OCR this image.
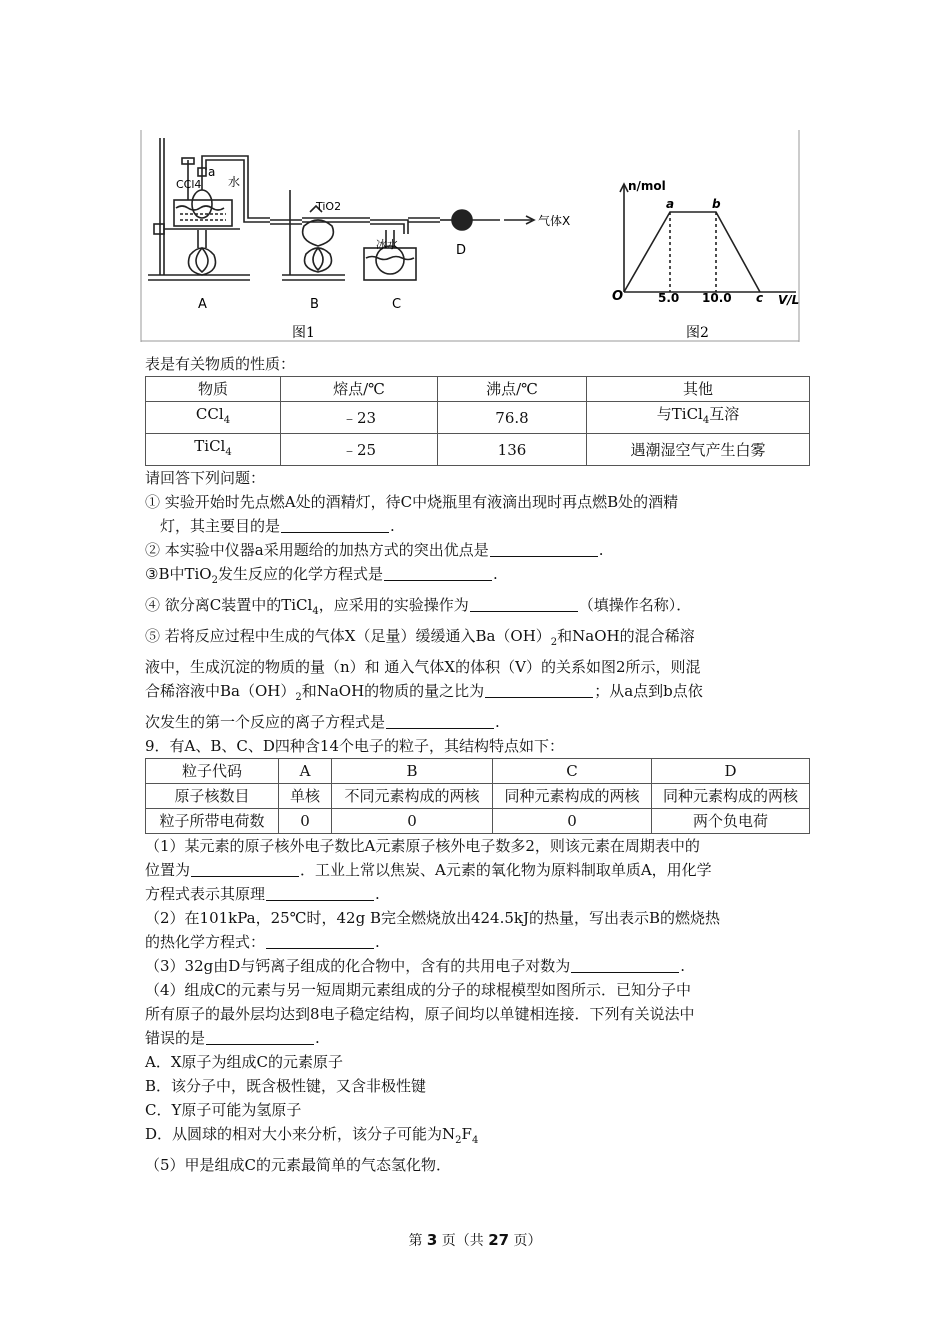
CCl4
a
水
A
TiO2
B
冰水
C
D
气体X
图1
n/mol
V/L
O	5.0 10.0
a	b
c
图2

表是有关物质的性质：

物质	熔点/℃	沸点/℃	其他
CCl$_4$	﹣23	76.8	与TiCl$_4$互溶
TiCl$_4$	﹣25	136	遇潮湿空气产生白雾

请回答下列问题：

① 实验开始时先点燃A处的酒精灯，待C中烧瓶里有液滴出现时再点燃B处的酒精
灯，其主要目的是	.

② 本实验中仪器a采用题给的加热方式的突出优点是	.

③B中TiO$_2$发生反应的化学方程式是	.

④ 欲分离C装置中的TiCl$_4$，应采用的实验操作为	（填操作名称）．

⑤ 若将反应过程中生成的气体X（足量）缓缓通入$Ba(OH)_2$和NaOH的混合稀溶
液中，生成沉淀的物质的量（n）和 通入气体X的体积（V）的关系如图2所示，则混
合稀溶液中$Ba(OH)_2$和NaOH的物质的量之比为	；从a点到b点依
次发生的第一个反应的离子方程式是	.

9．有A、B、C、D四种含14个电子的粒子，其结构特点如下：

粒子代码	A	B	C	D
原子核数目	单核	不同元素构成的两核	同种元素构成的两核	同种元素构成的两核
粒子所带电荷数	0	0	0	两个负电荷

（1）某元素的原子核外电子数比A元素原子核外电子数多2，则该元素在周期表中的
位置为	．工业上常以焦炭、A元素的氧化物为原料制取单质A，用化学
方程式表示其原理	.

（2）在101kPa，25℃时，42g B完全燃烧放出424.5kJ的热量，写出表示B的燃烧热
的热化学方程式：	.

（3）32g由D与钙离子组成的化合物中，含有的共用电子对数为	.

（4）组成C的元素与另一短周期元素组成的分子的球棍模型如图所示．已知分子中
所有原子的最外层均达到8电子稳定结构，原子间均以单键相连接．下列有关说法中
错误的是	.

A．X原子为组成C的元素原子

B．该分子中，既含极性键，又含非极性键

C．Y原子可能为氢原子

D．从圆球的相对大小来分析，该分子可能为$N_2F_4$

（5）甲是组成C的元素最简单的气态氢化物．

第 3 页（共 27 页）
